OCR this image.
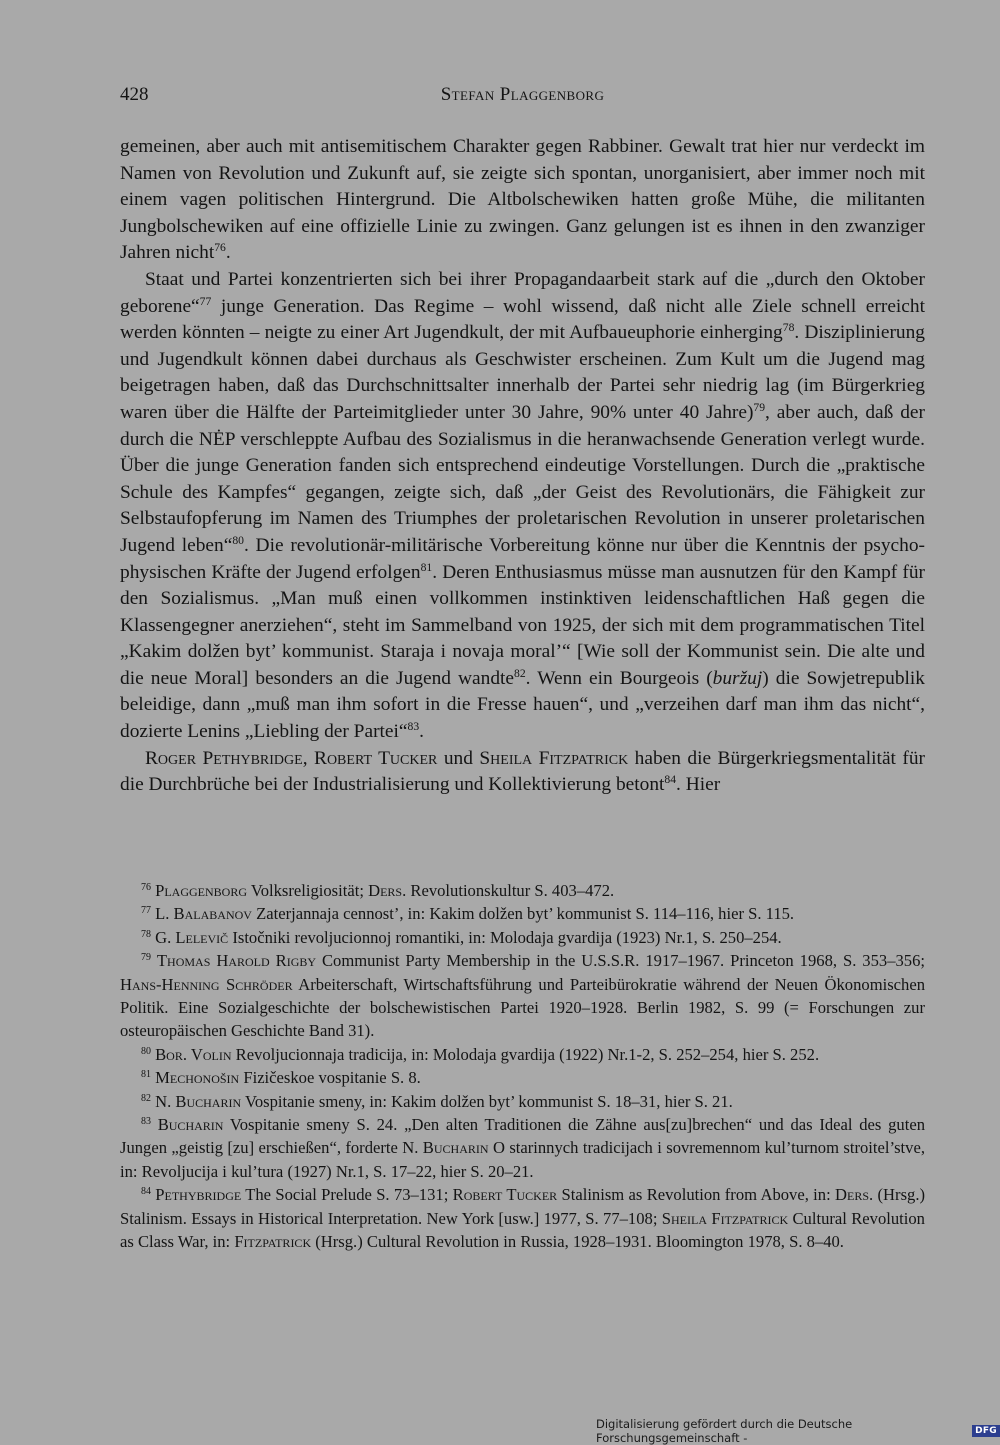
428	Stefan Plaggenborg

gemeinen, aber auch mit antisemitischem Charakter gegen Rabbiner. Gewalt trat hier nur verdeckt im Namen von Revolution und Zukunft auf, sie zeigte sich spontan, unorganisiert, aber immer noch mit einem vagen politischen Hintergrund. Die Altbolschewiken hatten große Mühe, die militanten Jungbolschewiken auf eine offizielle Linie zu zwingen. Ganz gelungen ist es ihnen in den zwanziger Jahren nicht$^{76}$.

Staat und Partei konzentrierten sich bei ihrer Propagandaarbeit stark auf die „durch den Oktober geborene“$^{77}$ junge Generation. Das Regime – wohl wissend, daß nicht alle Ziele schnell erreicht werden könnten – neigte zu einer Art Jugendkult, der mit Aufbaueuphorie einherging$^{78}$. Disziplinierung und Jugendkult können dabei durchaus als Geschwister erscheinen. Zum Kult um die Jugend mag beigetragen haben, daß das Durchschnittsalter innerhalb der Partei sehr niedrig lag (im Bürgerkrieg waren über die Hälfte der Parteimitglieder unter 30 Jahre, 90% unter 40 Jahre)$^{79}$, aber auch, daß der durch die NĖP verschleppte Aufbau des Sozialismus in die heranwachsende Generation verlegt wurde. Über die junge Generation fanden sich entsprechend eindeutige Vorstellungen. Durch die „praktische Schule des Kampfes“ gegangen, zeigte sich, daß „der Geist des Revolutionärs, die Fähigkeit zur Selbstaufopferung im Namen des Triumphes der proletarischen Revolution in unserer proletarischen Jugend leben“$^{80}$. Die revolutionär-militärische Vorbereitung könne nur über die Kenntnis der psycho-physischen Kräfte der Jugend erfolgen$^{81}$. Deren Enthusiasmus müsse man ausnutzen für den Kampf für den Sozialismus. „Man muß einen vollkommen instinktiven leidenschaftlichen Haß gegen die Klassengegner anerziehen“, steht im Sammelband von 1925, der sich mit dem programmatischen Titel „Kakim dolžen byt’ kommunist. Staraja i novaja moral’“ [Wie soll der Kommunist sein. Die alte und die neue Moral] besonders an die Jugend wandte$^{82}$. Wenn ein Bourgeois (buržuj) die Sowjetrepublik beleidige, dann „muß man ihm sofort in die Fresse hauen“, und „verzeihen darf man ihm das nicht“, dozierte Lenins „Liebling der Partei“$^{83}$.

Roger Pethybridge, Robert Tucker und Sheila Fitzpatrick haben die Bürgerkriegsmentalität für die Durchbrüche bei der Industrialisierung und Kollektivierung betont$^{84}$. Hier

$^{76}$ Plaggenborg Volksreligiosität; Ders. Revolutionskultur S. 403–472.

$^{77}$ L. Balabanov Zaterjannaja cennost’, in: Kakim dolžen byt’ kommunist S. 114–116, hier S. 115.

$^{78}$ G. Lelevič Istočniki revoljucionnoj romantiki, in: Molodaja gvardija (1923) Nr.1, S. 250–254.

$^{79}$ Thomas Harold Rigby Communist Party Membership in the U.S.S.R. 1917–1967. Princeton 1968, S. 353–356; Hans-Henning Schröder Arbeiterschaft, Wirtschaftsführung und Parteibürokratie während der Neuen Ökonomischen Politik. Eine Sozialgeschichte der bolschewistischen Partei 1920–1928. Berlin 1982, S. 99 (= Forschungen zur osteuropäischen Geschichte Band 31).

$^{80}$ Bor. Volin Revoljucionnaja tradicija, in: Molodaja gvardija (1922) Nr.1-2, S. 252–254, hier S. 252.

$^{81}$ Mechonošin Fizičeskoe vospitanie S. 8.

$^{82}$ N. Bucharin Vospitanie smeny, in: Kakim dolžen byt’ kommunist S. 18–31, hier S. 21.

$^{83}$ Bucharin Vospitanie smeny S. 24. „Den alten Traditionen die Zähne aus[zu]brechen“ und das Ideal des guten Jungen „geistig [zu] erschießen“, forderte N. Bucharin O starinnych tradicijach i sovremennom kul’turnom stroitel’stve, in: Revoljucija i kul’tura (1927) Nr.1, S. 17–22, hier S. 20–21.

$^{84}$ Pethybridge The Social Prelude S. 73–131; Robert Tucker Stalinism as Revolution from Above, in: Ders. (Hrsg.) Stalinism. Essays in Historical Interpretation. New York [usw.] 1977, S. 77–108; Sheila Fitzpatrick Cultural Revolution as Class War, in: Fitzpatrick (Hrsg.) Cultural Revolution in Russia, 1928–1931. Bloomington 1978, S. 8–40.

Digitalisierung gefördert durch die Deutsche Forschungsgemeinschaft -	DFG
